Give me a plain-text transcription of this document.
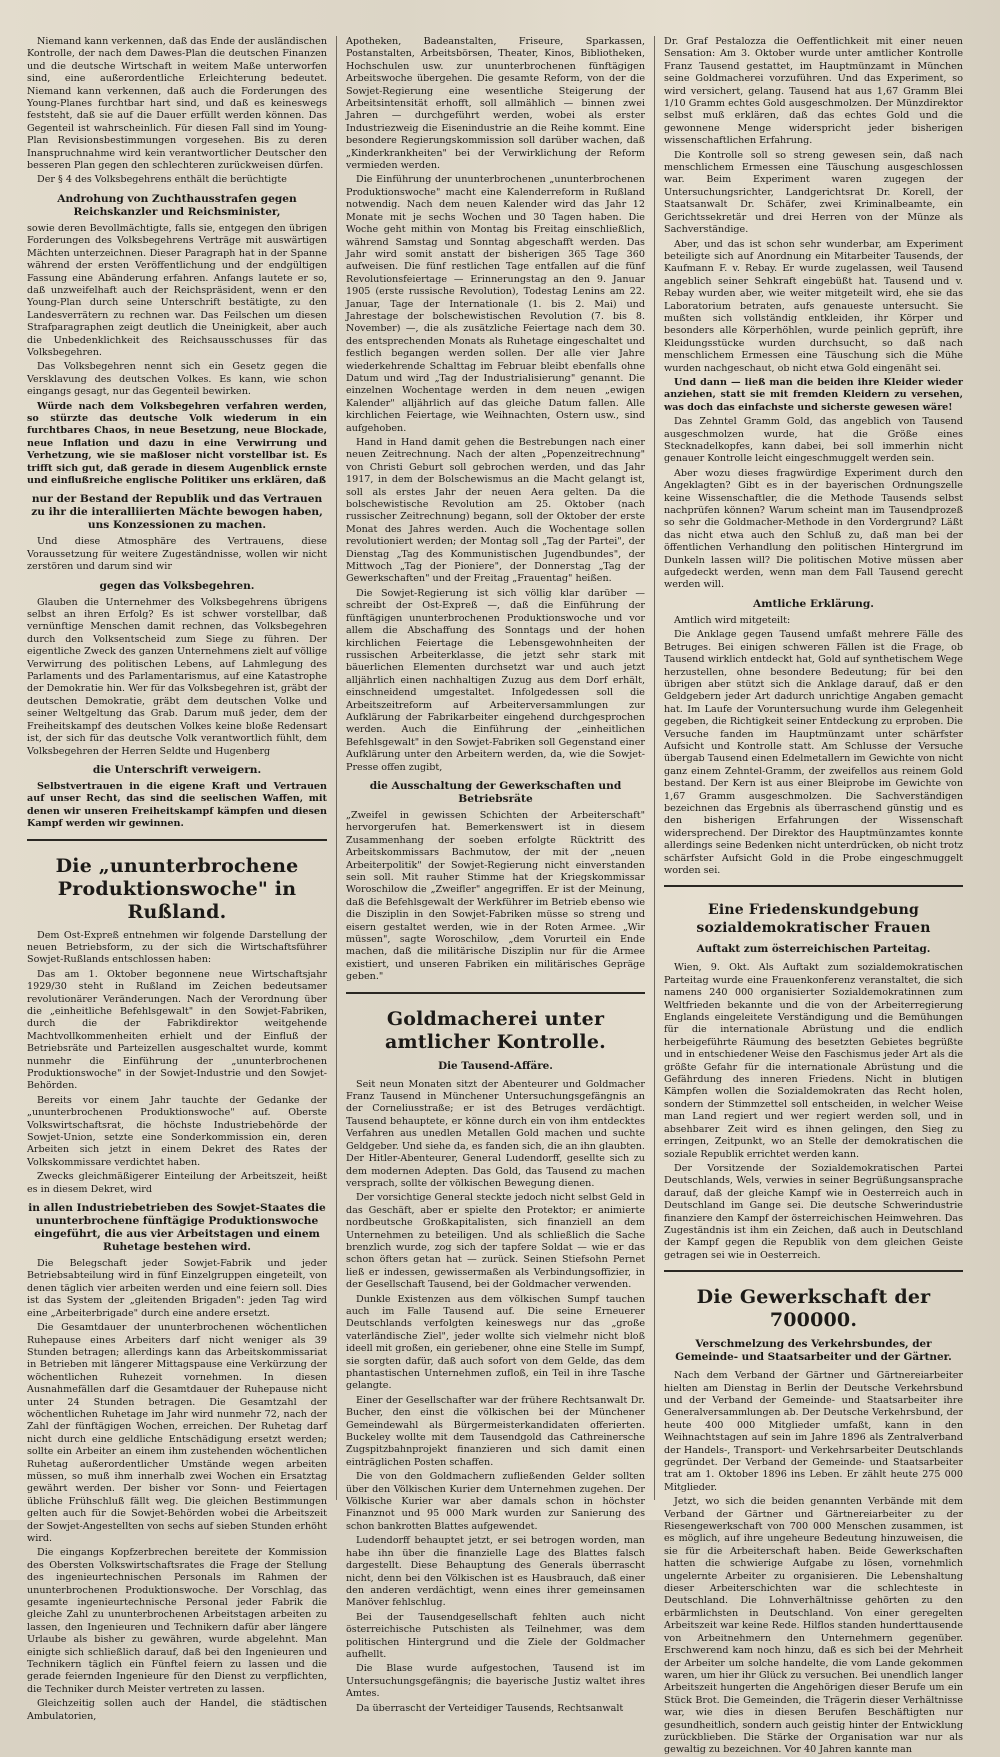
Niemand kann verkennen, daß das Ende der ausländischen Kontrolle, der nach dem Dawes-Plan die deutschen Finanzen und die deutsche Wirtschaft in weitem Maße unterworfen sind, eine außerordentliche Erleichterung bedeutet. Niemand kann verkennen, daß auch die Forderungen des Young-Planes furchtbar hart sind, und daß es keineswegs feststeht, daß sie auf die Dauer erfüllt werden können. Das Gegenteil ist wahrscheinlich. Für diesen Fall sind im Young-Plan Revisionsbestimmungen vorgesehen. Bis zu deren Inanspruchnahme wird kein verantwortlicher Deutscher den besseren Plan gegen den schlechteren zurückweisen dürfen.

Der § 4 des Volksbegehrens enthält die berüchtigte

Androhung von Zuchthausstrafen gegen Reichskanzler und Reichsminister,

sowie deren Bevollmächtigte, falls sie, entgegen den übrigen Forderungen des Volksbegehrens Verträge mit auswärtigen Mächten unterzeichnen. Dieser Paragraph hat in der Spanne während der ersten Veröffentlichung und der endgültigen Fassung eine Abänderung erfahren. Anfangs lautete er so, daß unzweifelhaft auch der Reichspräsident, wenn er den Young-Plan durch seine Unterschrift bestätigte, zu den Landesverrätern zu rechnen war. Das Feilschen um diesen Strafparagraphen zeigt deutlich die Uneinigkeit, aber auch die Unbedenklichkeit des Reichsausschusses für das Volksbegehren.

Das Volksbegehren nennt sich ein Gesetz gegen die Versklavung des deutschen Volkes. Es kann, wie schon eingangs gesagt, nur das Gegenteil bewirken.

Würde nach dem Volksbegehren verfahren werden, so stürzte das deutsche Volk wiederum in ein furchtbares Chaos, in neue Besetzung, neue Blockade, neue Inflation und dazu in eine Verwirrung und Verhetzung, wie sie maßloser nicht vorstellbar ist. Es trifft sich gut, daß gerade in diesem Augenblick ernste und einflußreiche englische Politiker uns erklären, daß

nur der Bestand der Republik und das Vertrauen zu ihr die interalliierten Mächte bewogen haben, uns Konzessionen zu machen.

Und diese Atmosphäre des Vertrauens, diese Voraussetzung für weitere Zugeständnisse, wollen wir nicht zerstören und darum sind wir

gegen das Volksbegehren.

Glauben die Unternehmer des Volksbegehrens übrigens selbst an ihren Erfolg? Es ist schwer vorstellbar, daß vernünftige Menschen damit rechnen, das Volksbegehren durch den Volksentscheid zum Siege zu führen. Der eigentliche Zweck des ganzen Unternehmens zielt auf völlige Verwirrung des politischen Lebens, auf Lahmlegung des Parlaments und des Parlamentarismus, auf eine Katastrophe der Demokratie hin. Wer für das Volksbegehren ist, gräbt der deutschen Demokratie, gräbt dem deutschen Volke und seiner Weltgeltung das Grab. Darum muß jeder, dem der Freiheitskampf des deutschen Volkes keine bloße Redensart ist, der sich für das deutsche Volk verantwortlich fühlt, dem Volksbegehren der Herren Seldte und Hugenberg

die Unterschrift verweigern.

Selbstvertrauen in die eigene Kraft und Vertrauen auf unser Recht, das sind die seelischen Waffen, mit denen wir unseren Freiheitskampf kämpfen und diesen Kampf werden wir gewinnen.

Die „ununterbrochene Produktionswoche" in Rußland.

Dem Ost-Expreß entnehmen wir folgende Darstellung der neuen Betriebsform, zu der sich die Wirtschaftsführer Sowjet-Rußlands entschlossen haben:

Das am 1. Oktober begonnene neue Wirtschaftsjahr 1929/30 steht in Rußland im Zeichen bedeutsamer revolutionärer Veränderungen. Nach der Verordnung über die „einheitliche Befehlsgewalt" in den Sowjet-Fabriken, durch die der Fabrikdirektor weitgehende Machtvollkommenheiten erhielt und der Einfluß der Betriebsräte und Parteizellen ausgeschaltet wurde, kommt nunmehr die Einführung der „ununterbrochenen Produktionswoche" in der Sowjet-Industrie und den Sowjet-Behörden.

Bereits vor einem Jahr tauchte der Gedanke der „ununterbrochenen Produktionswoche" auf. Oberste Volkswirtschaftsrat, die höchste Industriebehörde der Sowjet-Union, setzte eine Sonderkommission ein, deren Arbeiten sich jetzt in einem Dekret des Rates der Volkskommissare verdichtet haben.

Zwecks gleichmäßigerer Einteilung der Arbeitszeit, heißt es in diesem Dekret, wird

in allen Industriebetrieben des Sowjet-Staates die ununterbrochene fünftägige Produktionswoche eingeführt, die aus vier Arbeitstagen und einem Ruhetage bestehen wird.

Die Belegschaft jeder Sowjet-Fabrik und jeder Betriebsabteilung wird in fünf Einzelgruppen eingeteilt, von denen täglich vier arbeiten werden und eine feiern soll. Dies ist das System der „gleitenden Brigaden": jeden Tag wird eine „Arbeiterbrigade" durch eine andere ersetzt.

Die Gesamtdauer der ununterbrochenen wöchentlichen Ruhepause eines Arbeiters darf nicht weniger als 39 Stunden betragen; allerdings kann das Arbeitskommissariat in Betrieben mit längerer Mittagspause eine Verkürzung der wöchentlichen Ruhezeit vornehmen. In diesen Ausnahmefällen darf die Gesamtdauer der Ruhepause nicht unter 24 Stunden betragen. Die Gesamtzahl der wöchentlichen Ruhetage im Jahr wird nunmehr 72, nach der Zahl der fünftägigen Wochen, erreichen. Der Ruhetag darf nicht durch eine geldliche Entschädigung ersetzt werden; sollte ein Arbeiter an einem ihm zustehenden wöchentlichen Ruhetag außerordentlicher Umstände wegen arbeiten müssen, so muß ihm innerhalb zwei Wochen ein Ersatztag gewährt werden. Der bisher vor Sonn- und Feiertagen übliche Frühschluß fällt weg. Die gleichen Bestimmungen gelten auch für die Sowjet-Behörden wobei die Arbeitszeit der Sowjet-Angestellten von sechs auf sieben Stunden erhöht wird.

Die eingangs Kopfzerbrechen bereitete der Kommission des Obersten Volkswirtschaftsrates die Frage der Stellung des ingenieurtechnischen Personals im Rahmen der ununterbrochenen Produktionswoche. Der Vorschlag, das gesamte ingenieurtechnische Personal jeder Fabrik die gleiche Zahl zu ununterbrochenen Arbeitstagen arbeiten zu lassen, den Ingenieuren und Technikern dafür aber längere Urlaube als bisher zu gewähren, wurde abgelehnt. Man einigte sich schließlich darauf, daß bei den Ingenieuren und Technikern täglich ein Fünftel feiern zu lassen und die gerade feiernden Ingenieure für den Dienst zu verpflichten, die Techniker durch Meister vertreten zu lassen.

Gleichzeitig sollen auch der Handel, die städtischen Ambulatorien,

Apotheken, Badeanstalten, Friseure, Sparkassen, Postanstalten, Arbeitsbörsen, Theater, Kinos, Bibliotheken, Hochschulen usw. zur ununterbrochenen fünftägigen Arbeitswoche übergehen. Die gesamte Reform, von der die Sowjet-Regierung eine wesentliche Steigerung der Arbeitsintensität erhofft, soll allmählich — binnen zwei Jahren — durchgeführt werden, wobei als erster Industriezweig die Eisenindustrie an die Reihe kommt. Eine besondere Regierungskommission soll darüber wachen, daß „Kinderkrankheiten" bei der Verwirklichung der Reform vermieden werden.

Die Einführung der ununterbrochenen „ununterbrochenen Produktionswoche" macht eine Kalenderreform in Rußland notwendig. Nach dem neuen Kalender wird das Jahr 12 Monate mit je sechs Wochen und 30 Tagen haben. Die Woche geht mithin von Montag bis Freitag einschließlich, während Samstag und Sonntag abgeschafft werden. Das Jahr wird somit anstatt der bisherigen 365 Tage 360 aufweisen. Die fünf restlichen Tage entfallen auf die fünf Revolutionsfeiertage — Erinnerungstag an den 9. Januar 1905 (erste russische Revolution), Todestag Lenins am 22. Januar, Tage der Internationale (1. bis 2. Mai) und Jahrestage der bolschewistischen Revolution (7. bis 8. November) —, die als zusätzliche Feiertage nach dem 30. des entsprechenden Monats als Ruhetage eingeschaltet und festlich begangen werden sollen. Der alle vier Jahre wiederkehrende Schalttag im Februar bleibt ebenfalls ohne Datum und wird „Tag der Industrialisierung" genannt. Die einzelnen Wochentage werden in dem neuen „ewigen Kalender" alljährlich auf das gleiche Datum fallen. Alle kirchlichen Feiertage, wie Weihnachten, Ostern usw., sind aufgehoben.

Hand in Hand damit gehen die Bestrebungen nach einer neuen Zeitrechnung. Nach der alten „Popenzeitrechnung" von Christi Geburt soll gebrochen werden, und das Jahr 1917, in dem der Bolschewismus an die Macht gelangt ist, soll als erstes Jahr der neuen Aera gelten. Da die bolschewistische Revolution am 25. Oktober (nach russischer Zeitrechnung) begann, soll der Oktober der erste Monat des Jahres werden. Auch die Wochentage sollen revolutioniert werden; der Montag soll „Tag der Partei", der Dienstag „Tag des Kommunistischen Jugendbundes", der Mittwoch „Tag der Pioniere", der Donnerstag „Tag der Gewerkschaften" und der Freitag „Frauentag" heißen.

Die Sowjet-Regierung ist sich völlig klar darüber — schreibt der Ost-Expreß —, daß die Einführung der fünftägigen ununterbrochenen Produktionswoche und vor allem die Abschaffung des Sonntags und der hohen kirchlichen Feiertage die Lebensgewohnheiten der russischen Arbeiterklasse, die jetzt sehr stark mit bäuerlichen Elementen durchsetzt war und auch jetzt alljährlich einen nachhaltigen Zuzug aus dem Dorf erhält, einschneidend umgestaltet. Infolgedessen soll die Arbeitszeitreform auf Arbeiterversammlungen zur Aufklärung der Fabrikarbeiter eingehend durchgesprochen werden. Auch die Einführung der „einheitlichen Befehlsgewalt" in den Sowjet-Fabriken soll Gegenstand einer Aufklärung unter den Arbeitern werden, da, wie die Sowjet-Presse offen zugibt,

die Ausschaltung der Gewerkschaften und Betriebsräte

„Zweifel in gewissen Schichten der Arbeiterschaft" hervorgerufen hat. Bemerkenswert ist in diesem Zusammenhang der soeben erfolgte Rücktritt des Arbeitskommissars Bachmutow, der mit der „neuen Arbeiterpolitik" der Sowjet-Regierung nicht einverstanden sein soll. Mit rauher Stimme hat der Kriegskommissar Woroschilow die „Zweifler" angegriffen. Er ist der Meinung, daß die Befehlsgewalt der Werkführer im Betrieb ebenso wie die Disziplin in den Sowjet-Fabriken müsse so streng und eisern gestaltet werden, wie in der Roten Armee. „Wir müssen", sagte Woroschilow, „dem Vorurteil ein Ende machen, daß die militärische Disziplin nur für die Armee existiert, und unseren Fabriken ein militärisches Gepräge geben."

Goldmacherei unter amtlicher Kontrolle.
Die Tausend-Affäre.

Seit neun Monaten sitzt der Abenteurer und Goldmacher Franz Tausend in Münchener Untersuchungsgefängnis an der Corneliusstraße; er ist des Betruges verdächtigt. Tausend behauptete, er könne durch ein von ihm entdecktes Verfahren aus unedlen Metallen Gold machen und suchte Geldgeber. Und siehe da, es fanden sich, die an ihn glaubten. Der Hitler-Abenteurer, General Ludendorff, gesellte sich zu dem modernen Adepten. Das Gold, das Tausend zu machen versprach, sollte der völkischen Bewegung dienen.

Der vorsichtige General steckte jedoch nicht selbst Geld in das Geschäft, aber er spielte den Protektor; er animierte nordbeutsche Großkapitalisten, sich finanziell an dem Unternehmen zu beteiligen. Und als schließlich die Sache brenzlich wurde, zog sich der tapfere Soldat — wie er das schon öfters getan hat — zurück. Seinen Stiefsohn Pernet ließ er indessen, gewissermaßen als Verbindungsoffizier, in der Gesellschaft Tausend, bei der Goldmacher verwenden.

Dunkle Existenzen aus dem völkischen Sumpf tauchen auch im Falle Tausend auf. Die seine Erneuerer Deutschlands verfolgten keineswegs nur das „große vaterländische Ziel", jeder wollte sich vielmehr nicht bloß ideell mit großen, ein geriebener, ohne eine Stelle im Sumpf, sie sorgten dafür, daß auch sofort von dem Gelde, das dem phantastischen Unternehmen zufloß, ein Teil in ihre Tasche gelangte.

Einer der Gesellschafter war der frühere Rechtsanwalt Dr. Bucher, den einst die völkischen bei der Münchener Gemeindewahl als Bürgermeisterkandidaten offerierten. Buckeley wollte mit dem Tausendgold das Cathreinersche Zugspitzbahnprojekt finanzieren und sich damit einen einträglichen Posten schaffen.

Die von den Goldmachern zufließenden Gelder sollten über den Völkischen Kurier dem Unternehmen zugehen. Der Völkische Kurier war aber damals schon in höchster Finanznot und 95 000 Mark wurden zur Sanierung des schon bankrotten Blattes aufgewendet.

Ludendorff behauptet jetzt, er sei betrogen worden, man habe ihn über die finanzielle Lage des Blattes falsch dargestellt. Diese Behauptung des Generals überrascht nicht, denn bei den Völkischen ist es Hausbrauch, daß einer den anderen verdächtigt, wenn eines ihrer gemeinsamen Manöver fehlschlug.

Bei der Tausendgesellschaft fehlten auch nicht österreichische Putschisten als Teilnehmer, was dem politischen Hintergrund und die Ziele der Goldmacher aufhellt.

Die Blase wurde aufgestochen, Tausend ist im Untersuchungsgefängnis; die bayerische Justiz waltet ihres Amtes.

Da überrascht der Verteidiger Tausends, Rechtsanwalt

Dr. Graf Pestalozza die Oeffentlichkeit mit einer neuen Sensation: Am 3. Oktober wurde unter amtlicher Kontrolle Franz Tausend gestattet, im Hauptmünzamt in München seine Goldmacherei vorzuführen. Und das Experiment, so wird versichert, gelang. Tausend hat aus 1,67 Gramm Blei 1/10 Gramm echtes Gold ausgeschmolzen. Der Münzdirektor selbst muß erklären, daß das echtes Gold und die gewonnene Menge widerspricht jeder bisherigen wissenschaftlichen Erfahrung.

Die Kontrolle soll so streng gewesen sein, daß nach menschlichem Ermessen eine Täuschung ausgeschlossen war. Beim Experiment waren zugegen der Untersuchungsrichter, Landgerichtsrat Dr. Korell, der Staatsanwalt Dr. Schäfer, zwei Kriminalbeamte, ein Gerichtssekretär und drei Herren von der Münze als Sachverständige.

Aber, und das ist schon sehr wunderbar, am Experiment beteiligte sich auf Anordnung ein Mitarbeiter Tausends, der Kaufmann F. v. Rebay. Er wurde zugelassen, weil Tausend angeblich seiner Sehkraft eingebüßt hat. Tausend und v. Rebay wurden aber, wie weiter mitgeteilt wird, ehe sie das Laboratorium betraten, aufs genaueste untersucht. Sie mußten sich vollständig entkleiden, ihr Körper und besonders alle Körperhöhlen, wurde peinlich geprüft, ihre Kleidungsstücke wurden durchsucht, so daß nach menschlichem Ermessen eine Täuschung sich die Mühe wurden nachgeschaut, ob nicht etwa Gold eingenäht sei.

Und dann — ließ man die beiden ihre Kleider wieder anziehen, statt sie mit fremden Kleidern zu versehen, was doch das einfachste und sicherste gewesen wäre!

Das Zehntel Gramm Gold, das angeblich von Tausend ausgeschmolzen wurde, hat die Größe eines Stecknadelkopfes, kann dabei, bei soll immerhin nicht genauer Kontrolle leicht eingeschmuggelt werden sein.

Aber wozu dieses fragwürdige Experiment durch den Angeklagten? Gibt es in der bayerischen Ordnungszelle keine Wissenschaftler, die die Methode Tausends selbst nachprüfen können? Warum scheint man im Tausendprozeß so sehr die Goldmacher-Methode in den Vordergrund? Läßt das nicht etwa auch den Schluß zu, daß man bei der öffentlichen Verhandlung den politischen Hintergrund im Dunkeln lassen will? Die politischen Motive müssen aber aufgedeckt werden, wenn man dem Fall Tausend gerecht werden will.

Amtliche Erklärung.

Amtlich wird mitgeteilt:

Die Anklage gegen Tausend umfaßt mehrere Fälle des Betruges. Bei einigen schweren Fällen ist die Frage, ob Tausend wirklich entdeckt hat, Gold auf synthetischem Wege herzustellen, ohne besondere Bedeutung; für bei den übrigen aber stützt sich die Anklage darauf, daß er den Geldgebern jeder Art dadurch unrichtige Angaben gemacht hat. Im Laufe der Voruntersuchung wurde ihm Gelegenheit gegeben, die Richtigkeit seiner Entdeckung zu erproben. Die Versuche fanden im Hauptmünzamt unter schärfster Aufsicht und Kontrolle statt. Am Schlusse der Versuche übergab Tausend einen Edelmetallern im Gewichte von nicht ganz einem Zehntel-Gramm, der zweifellos aus reinem Gold bestand. Der Kern ist aus einer Bleiprobe im Gewichte von 1,67 Gramm ausgeschmolzen. Die Sachverständigen bezeichnen das Ergebnis als überraschend günstig und es den bisherigen Erfahrungen der Wissenschaft widersprechend. Der Direktor des Hauptmünzamtes konnte allerdings seine Bedenken nicht unterdrücken, ob nicht trotz schärfster Aufsicht Gold in die Probe eingeschmuggelt worden sei.

Eine Friedenskundgebung sozialdemokratischer Frauen
Auftakt zum österreichischen Parteitag.

Wien, 9. Okt. Als Auftakt zum sozialdemokratischen Parteitag wurde eine Frauenkonferenz veranstaltet, die sich namens 240 000 organisierter Sozialdemokratinnen zum Weltfrieden bekannte und die von der Arbeiterregierung Englands eingeleitete Verständigung und die Bemühungen für die internationale Abrüstung und die endlich herbeigeführte Räumung des besetzten Gebietes begrüßte und in entschiedener Weise den Faschismus jeder Art als die größte Gefahr für die internationale Abrüstung und die Gefährdung des inneren Friedens. Nicht in blutigen Kämpfen wollen die Sozialdemokraten das Recht holen, sondern der Stimmzettel soll entscheiden, in welcher Weise man Land regiert und wer regiert werden soll, und in absehbarer Zeit wird es ihnen gelingen, den Sieg zu erringen, Zeitpunkt, wo an Stelle der demokratischen die soziale Republik errichtet werden kann.

Der Vorsitzende der Sozialdemokratischen Partei Deutschlands, Wels, verwies in seiner Begrüßungsansprache darauf, daß der gleiche Kampf wie in Oesterreich auch in Deutschland im Gange sei. Die deutsche Schwerindustrie finanziere den Kampf der österreichischen Heimwehren. Das Zugeständnis ist ihm ein Zeichen, daß auch in Deutschland der Kampf gegen die Republik von dem gleichen Geiste getragen sei wie in Oesterreich.

Die Gewerkschaft der 700000.
Verschmelzung des Verkehrsbundes, der Gemeinde- und Staatsarbeiter und der Gärtner.

Nach dem Verband der Gärtner und Gärtnereiarbeiter hielten am Dienstag in Berlin der Deutsche Verkehrsbund und der Verband der Gemeinde- und Staatsarbeiter ihre Generalversammlungen ab. Der Deutsche Verkehrsbund, der heute 400 000 Mitglieder umfaßt, kann in den Weihnachtstagen auf sein im Jahre 1896 als Zentralverband der Handels-, Transport- und Verkehrsarbeiter Deutschlands gegründet. Der Verband der Gemeinde- und Staatsarbeiter trat am 1. Oktober 1896 ins Leben. Er zählt heute 275 000 Mitglieder.

Jetzt, wo sich die beiden genannten Verbände mit dem Verband der Gärtner und Gärtnereiarbeiter zu der Riesengewerkschaft von 700 000 Menschen zusammen, ist es möglich, auf ihre ungeheure Bedeutung hinzuweisen, die sie für die Arbeiterschaft haben. Beide Gewerkschaften hatten die schwierige Aufgabe zu lösen, vornehmlich ungelernte Arbeiter zu organisieren. Die Lebenshaltung dieser Arbeiterschichten war die schlechteste in Deutschland. Die Lohnverhältnisse gehörten zu den erbärmlichsten in Deutschland. Von einer geregelten Arbeitszeit war keine Rede. Hilflos standen hunderttausende von Arbeitnehmern den Unternehmern gegenüber. Erschwerend kam noch hinzu, daß es sich bei der Mehrheit der Arbeiter um solche handelte, die vom Lande gekommen waren, um hier ihr Glück zu versuchen. Bei unendlich langer Arbeitszeit hungerten die Angehörigen dieser Berufe um ein Stück Brot. Die Gemeinden, die Trägerin dieser Verhältnisse war, wie dies in diesen Berufen Beschäftigten nur gesundheitlich, sondern auch geistig hinter der Entwicklung zurückblieben. Die Stärke der Organisation war nur als gewaltig zu bezeichnen. Vor 40 Jahren kannte man
